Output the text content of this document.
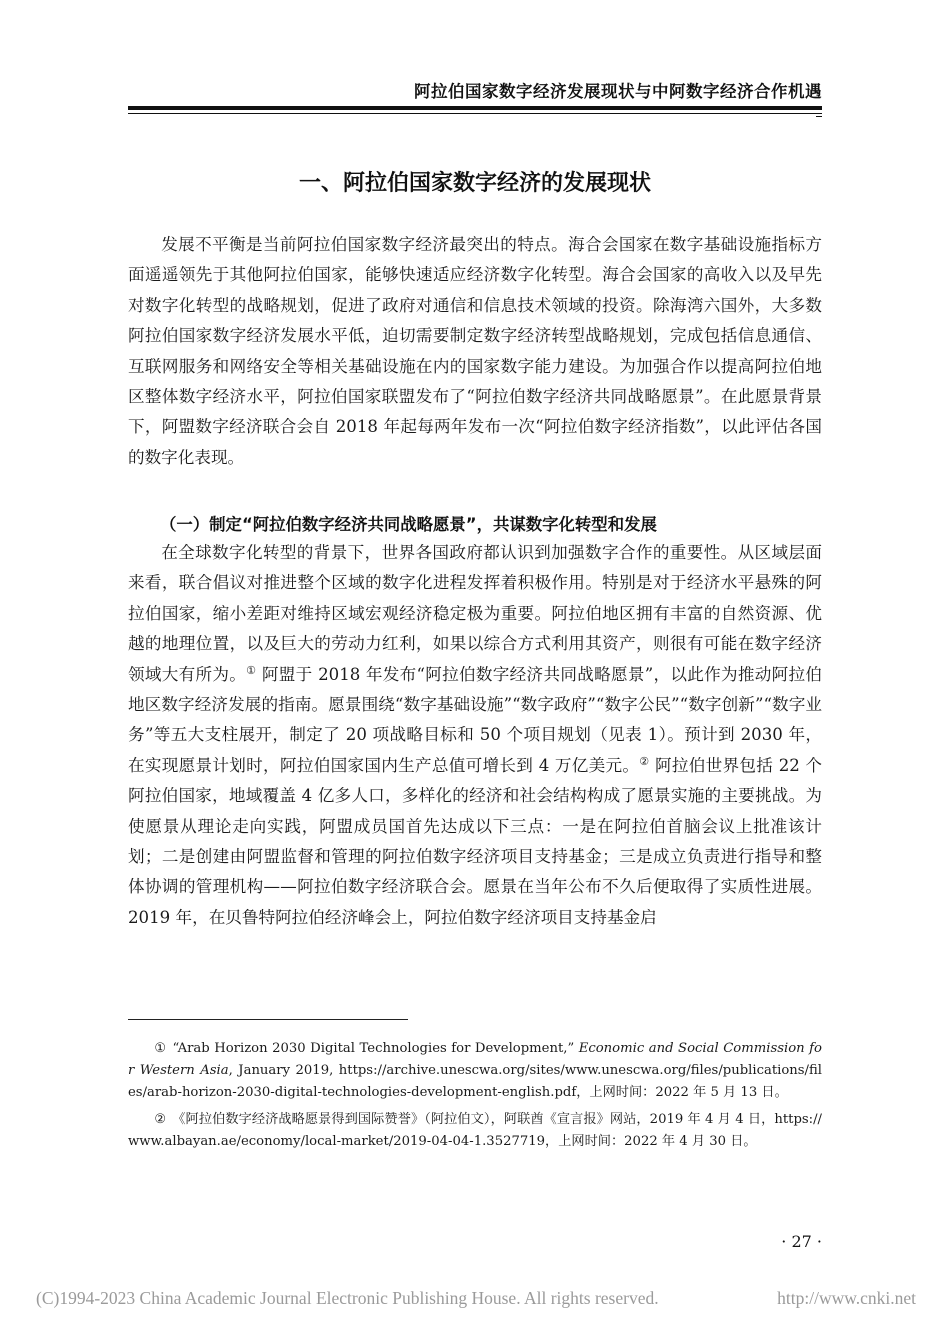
阿拉伯国家数字经济发展现状与中阿数字经济合作机遇
一、阿拉伯国家数字经济的发展现状

发展不平衡是当前阿拉伯国家数字经济最突出的特点。海合会国家在数字基础设施指标方面遥遥领先于其他阿拉伯国家，能够快速适应经济数字化转型。海合会国家的高收入以及早先对数字化转型的战略规划，促进了政府对通信和信息技术领域的投资。除海湾六国外，大多数阿拉伯国家数字经济发展水平低，迫切需要制定数字经济转型战略规划，完成包括信息通信、互联网服务和网络安全等相关基础设施在内的国家数字能力建设。为加强合作以提高阿拉伯地区整体数字经济水平，阿拉伯国家联盟发布了“阿拉伯数字经济共同战略愿景”。在此愿景背景下，阿盟数字经济联合会自 2018 年起每两年发布一次“阿拉伯数字经济指数”，以此评估各国的数字化表现。

（一）制定“阿拉伯数字经济共同战略愿景”，共谋数字化转型和发展

在全球数字化转型的背景下，世界各国政府都认识到加强数字合作的重要性。从区域层面来看，联合倡议对推进整个区域的数字化进程发挥着积极作用。特别是对于经济水平悬殊的阿拉伯国家，缩小差距对维持区域宏观经济稳定极为重要。阿拉伯地区拥有丰富的自然资源、优越的地理位置，以及巨大的劳动力红利，如果以综合方式利用其资产，则很有可能在数字经济领域大有所为。① 阿盟于 2018 年发布“阿拉伯数字经济共同战略愿景”，以此作为推动阿拉伯地区数字经济发展的指南。愿景围绕“数字基础设施”“数字政府”“数字公民”“数字创新”“数字业务”等五大支柱展开，制定了 20 项战略目标和 50 个项目规划（见表 1）。预计到 2030 年，在实现愿景计划时，阿拉伯国家国内生产总值可增长到 4 万亿美元。② 阿拉伯世界包括 22 个阿拉伯国家，地域覆盖 4 亿多人口，多样化的经济和社会结构构成了愿景实施的主要挑战。为使愿景从理论走向实践，阿盟成员国首先达成以下三点：一是在阿拉伯首脑会议上批准该计划；二是创建由阿盟监督和管理的阿拉伯数字经济项目支持基金；三是成立负责进行指导和整体协调的管理机构——阿拉伯数字经济联合会。愿景在当年公布不久后便取得了实质性进展。2019 年，在贝鲁特阿拉伯经济峰会上，阿拉伯数字经济项目支持基金启

① “Arab Horizon 2030 Digital Technologies for Development,” Economic and Social Commission for Western Asia, January 2019, https://archive.unescwa.org/sites/www.unescwa.org/files/publications/files/arab-horizon-2030-digital-technologies-development-english.pdf，上网时间：2022 年 5 月 13 日。

② 《阿拉伯数字经济战略愿景得到国际赞誉》（阿拉伯文），阿联酋《宣言报》网站，2019 年 4 月 4 日，https://www.albayan.ae/economy/local-market/2019-04-04-1.3527719，上网时间：2022 年 4 月 30 日。

· 27 ·
(C)1994-2023 China Academic Journal Electronic Publishing House. All rights reserved.	http://www.cnki.net
